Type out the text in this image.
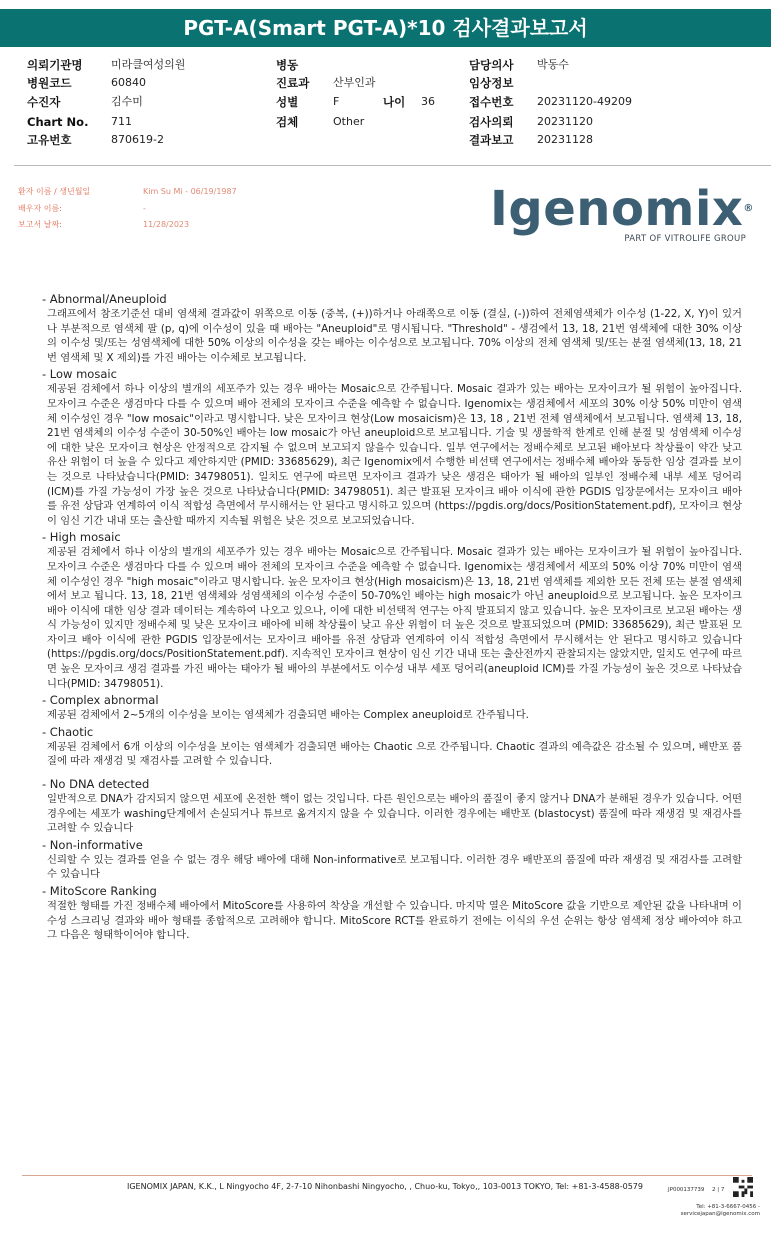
PGT-A(Smart PGT-A)*10 검사결과보고서
의뢰기관명	미라클여성의원
병원코드	60840
수진자	김수미
Chart No. 711
고유번호	870619-2
병동
진료과 산부인과
성별	F	나이 36
검체	Other
담당의사 박동수
임상정보
접수번호 20231120-49209
검사의뢰 20231120
결과보고 20231128
환자 이름 / 생년월일	Kim Su Mi - 06/19/1987
배우자 이름:	-
보고서 날짜:	11/28/2023	Igenomix®
PART OF VITROLIFE GROUP
- Abnormal/Aneuploid
그래프에서 참조기준선 대비 염색체 결과값이 위쪽으로 이동 (중복, (+))하거나 아래쪽으로 이동 (결실, (-))하여 전체염색체가 이수성 (1-22, X, Y)이 있거나 부분적으로 염색체 팔 (p, q)에 이수성이 있을 때 배아는 "Aneuploid"로 명시됩니다. "Threshold" - 생검에서 13, 18, 21번 염색체에 대한 30% 이상의 이수성 및/또는 성염색체에 대한 50% 이상의 이수성을 갖는 배아는 이수성으로 보고됩니다. 70% 이상의 전체 염색체 및/또는 분절 염색체(13, 18, 21 번 염색체 및 X 제외)를 가진 배아는 이수체로 보고됩니다.
- Low mosaic
제공된 검체에서 하나 이상의 별개의 세포주가 있는 경우 배아는 Mosaic으로 간주됩니다. Mosaic 결과가 있는 배아는 모자이크가 될 위험이 높아집니다. 모자이크 수준은 생검마다 다를 수 있으며 배아 전체의 모자이크 수준을 예측할 수 없습니다. Igenomix는 생검체에서 세포의 30% 이상 50% 미만이 염색체 이수성인 경우 "low mosaic"이라고 명시합니다. 낮은 모자이크 현상(Low mosaicism)은 13, 18 , 21번 전체 염색체에서 보고됩니다. 염색체 13, 18, 21번 염색체의 이수성 수준이 30-50%인 배아는 low mosaic가 아닌 aneuploid으로 보고됩니다. 기술 및 생물학적 한계로 인해 분절 및 성염색체 이수성에 대한 낮은 모자이크 현상은 안정적으로 감지될 수 없으며 보고되지 않을수 있습니다. 일부 연구에서는 정배수체로 보고된 배아보다 착상률이 약간 낮고 유산 위험이 더 높을 수 있다고 제안하지만 (PMID: 33685629), 최근 Igenomix에서 수행한 비선택 연구에서는 정배수체 배아와 동등한 임상 결과를 보이는 것으로 나타났습니다(PMID: 34798051). 일치도 연구에 따르면 모자이크 결과가 낮은 생검은 태아가 될 배아의 일부인 정배수체 내부 세포 덩어리(ICM)를 가질 가능성이 가장 높은 것으로 나타났습니다(PMID: 34798051). 최근 발표된 모자이크 배아 이식에 관한 PGDIS 입장문에서는 모자이크 배아를 유전 상담과 연계하여 이식 적합성 측면에서 무시해서는 안 된다고 명시하고 있으며 (https://pgdis.org/docs/PositionStatement.pdf), 모자이크 현상이 임신 기간 내내 또는 출산할 때까지 지속될 위험은 낮은 것으로 보고되었습니다.
- High mosaic
제공된 검체에서 하나 이상의 별개의 세포주가 있는 경우 배아는 Mosaic으로 간주됩니다. Mosaic 결과가 있는 배아는 모자이크가 될 위험이 높아집니다. 모자이크 수준은 생검마다 다를 수 있으며 배아 전체의 모자이크 수준을 예측할 수 없습니다. Igenomix는 생검체에서 세포의 50% 이상 70% 미만이 염색체 이수성인 경우 "high mosaic"이라고 명시합니다. 높은 모자이크 현상(High mosaicism)은 13, 18, 21번 염색체를 제외한 모든 전체 또는 분절 염색체에서 보고 됩니다. 13, 18, 21번 염색체와 성염색체의 이수성 수준이 50-70%인 배아는 high mosaic가 아닌 aneuploid으로 보고됩니다. 높은 모자이크 배아 이식에 대한 임상 결과 데이터는 계속하여 나오고 있으나, 이에 대한 비선택적 연구는 아직 발표되지 않고 있습니다. 높은 모자이크로 보고된 배아는 생식 가능성이 있지만 정배수체 및 낮은 모자이크 배아에 비해 착상률이 낮고 유산 위험이 더 높은 것으로 발표되었으며 (PMID: 33685629), 최근 발표된 모자이크 배아 이식에 관한 PGDIS 입장문에서는 모자이크 배아를 유전 상담과 연계하여 이식 적합성 측면에서 무시해서는 안 된다고 명시하고 있습니다 (https://pgdis.org/docs/PositionStatement.pdf). 지속적인 모자이크 현상이 임신 기간 내내 또는 출산전까지 관찰되지는 않았지만, 일치도 연구에 따르면 높은 모자이크 생검 결과를 가진 배아는 태아가 될 배아의 부분에서도 이수성 내부 세포 덩어리(aneuploid ICM)를 가질 가능성이 높은 것으로 나타났습니다(PMID: 34798051).
- Complex abnormal
제공된 검체에서 2~5개의 이수성을 보이는 염색체가 검출되면 배아는 Complex aneuploid로 간주됩니다.
- Chaotic
제공된 검체에서 6개 이상의 이수성을 보이는 염색체가 검출되면 배아는 Chaotic 으로 간주됩니다. Chaotic 결과의 예측값은 감소될 수 있으며, 배반포 품질에 따라 재생검 및 재검사를 고려할 수 있습니다.
- No DNA detected
일반적으로 DNA가 감지되지 않으면 세포에 온전한 핵이 없는 것입니다. 다른 원인으로는 배아의 품질이 좋지 않거나 DNA가 분해된 경우가 있습니다. 어떤 경우에는 세포가 washing단계에서 손실되거나 튜브로 옮겨지지 않을 수 있습니다. 이러한 경우에는 배반포 (blastocyst) 품질에 따라 재생검 및 재검사를 고려할 수 있습니다
- Non-informative
신뢰할 수 있는 결과를 얻을 수 없는 경우 해당 배아에 대해 Non-informative로 보고됩니다. 이러한 경우 배반포의 품질에 따라 재생검 및 재검사를 고려할 수 있습니다
- MitoScore Ranking
적절한 형태를 가진 정배수체 배아에서 MitoScore를 사용하여 착상을 개선할 수 있습니다. 마지막 열은 MitoScore 값을 기반으로 제안된 값을 나타내며 이수성 스크리닝 결과와 배아 형태를 종합적으로 고려해야 합니다. MitoScore RCT를 완료하기 전에는 이식의 우선 순위는 항상 염색체 정상 배아여야 하고 그 다음은 형태학이어야 합니다.
IGENOMIX JAPAN, K.K., L Ningyocho 4F, 2-7-10 Nihonbashi Ningyocho, , Chuo-ku, Tokyo,, 103-0013 TOKYO, Tel: +81-3-4588-0579	JP000137739 2 | 7
Tel: +81-3-6667-0456 -
servicejapan@igenomix.com
